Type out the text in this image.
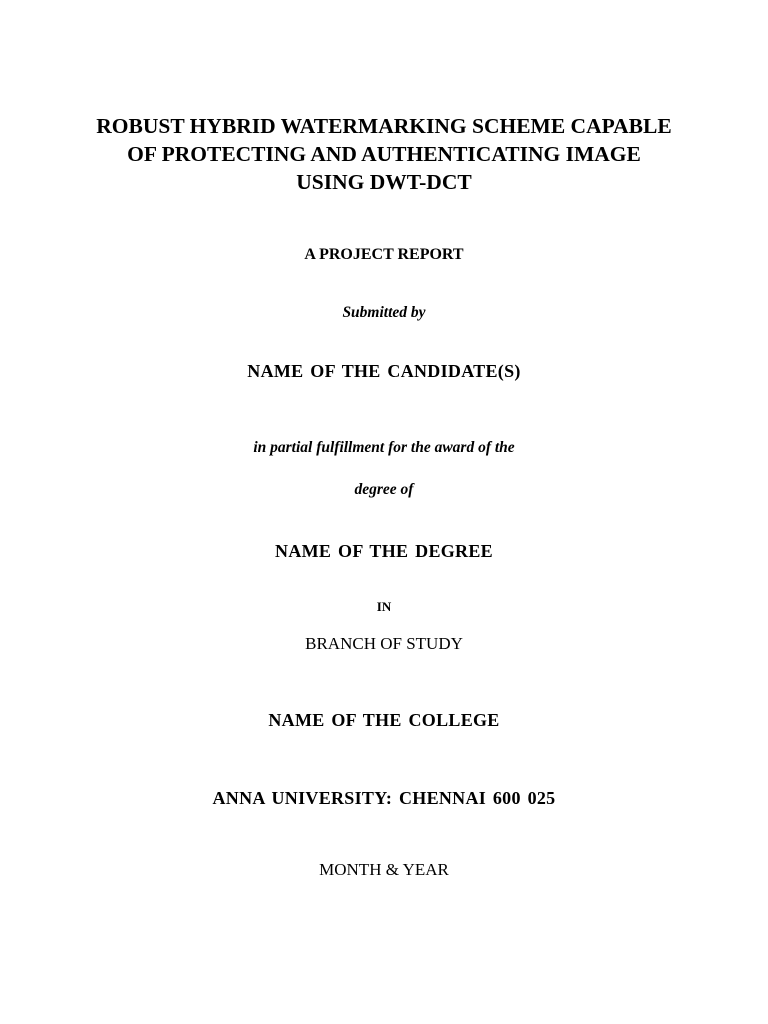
ROBUST HYBRID WATERMARKING SCHEME CAPABLE
OF PROTECTING AND AUTHENTICATING IMAGE
USING DWT-DCT
A PROJECT REPORT
Submitted by
NAME OF THE CANDIDATE(S)
in partial fulfillment for the award of the
degree of
NAME OF THE DEGREE
IN
BRANCH OF STUDY
NAME OF THE COLLEGE
ANNA UNIVERSITY: CHENNAI 600 025
MONTH & YEAR
